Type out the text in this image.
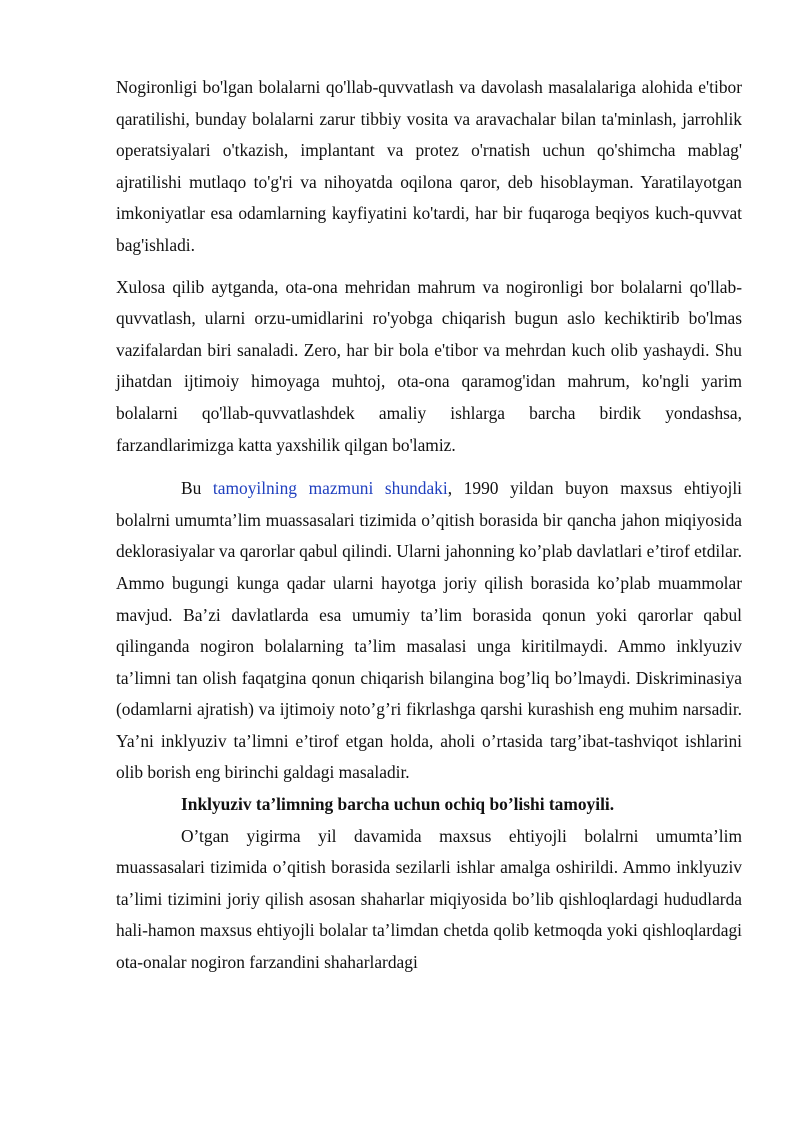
Nogironligi bo'lgan bolalarni qo'llab-quvvatlash va davolash masalalariga alohida e'tibor qaratilishi, bunday bolalarni zarur tibbiy vosita va aravachalar bilan ta'minlash, jarrohlik operatsiyalari o'tkazish, implantant va protez o'rnatish uchun qo'shimcha mablag' ajratilishi mutlaqo to'g'ri va nihoyatda oqilona qaror, deb hisoblayman. Yaratilayotgan imkoniyatlar esa odamlarning kayfiyatini ko'tardi, har bir fuqaroga beqiyos kuch-quvvat bag'ishladi.

Xulosa qilib aytganda, ota-ona mehridan mahrum va nogironligi bor bolalarni qo'llab-quvvatlash, ularni orzu-umidlarini ro'yobga chiqarish bugun aslo kechiktirib bo'lmas vazifalardan biri sanaladi. Zero, har bir bola e'tibor va mehrdan kuch olib yashaydi. Shu jihatdan ijtimoiy himoyaga muhtoj, ota-ona qaramog'idan mahrum, ko'ngli yarim bolalarni qo'llab-quvvatlashdek amaliy ishlarga barcha birdik yondashsa, farzandlarimizga katta yaxshilik qilgan bo'lamiz.

Bu tamoyilning mazmuni shundaki, 1990 yildan buyon maxsus ehtiyojli bolalrni umumta’lim muassasalari tizimida o’qitish borasida bir qancha jahon miqiyosida deklorasiyalar va qarorlar qabul qilindi. Ularni jahonning ko’plab davlatlari e’tirof etdilar. Ammo bugungi kunga qadar ularni hayotga joriy qilish borasida ko’plab muammolar mavjud. Ba’zi davlatlarda esa umumiy ta’lim borasida qonun yoki qarorlar qabul qilinganda nogiron bolalarning ta’lim masalasi unga kiritilmaydi. Ammo inklyuziv ta’limni tan olish faqatgina qonun chiqarish bilangina bog’liq bo’lmaydi. Diskriminasiya (odamlarni ajratish) va ijtimoiy noto’g’ri fikrlashga qarshi kurashish eng muhim narsadir. Ya’ni inklyuziv ta’limni e’tirof etgan holda, aholi o’rtasida targ’ibat-tashviqot ishlarini olib borish eng birinchi galdagi masaladir.

Inklyuziv ta’limning barcha uchun ochiq bo’lishi tamoyili.

O’tgan yigirma yil davamida maxsus ehtiyojli bolalrni umumta’lim muassasalari tizimida o’qitish borasida sezilarli ishlar amalga oshirildi. Ammo inklyuziv ta’limi tizimini joriy qilish asosan shaharlar miqiyosida bo’lib qishloqlardagi hududlarda hali-hamon maxsus ehtiyojli bolalar ta’limdan chetda qolib ketmoqda yoki qishloqlardagi ota-onalar nogiron farzandini shaharlardagi
